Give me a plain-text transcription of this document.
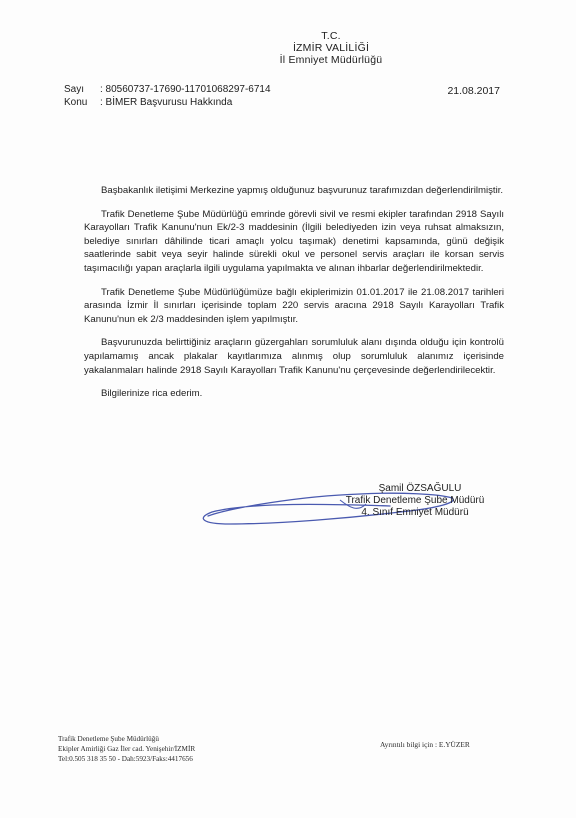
T.C.
İZMİR VALİLİĞİ
İl Emniyet Müdürlüğü
Sayı : 80560737-17690-11701068297-6714
Konu : BİMER Başvurusu Hakkında
21.08.2017

Başbakanlık iletişimi Merkezine yapmış olduğunuz başvurunuz tarafımızdan değerlendirilmiştir.

Trafik Denetleme Şube Müdürlüğü emrinde görevli sivil ve resmi ekipler tarafından 2918 Sayılı Karayolları Trafik Kanunu'nun Ek/2-3 maddesinin (İlgili belediyeden izin veya ruhsat almaksızın, belediye sınırları dâhilinde ticari amaçlı yolcu taşımak) denetimi kapsamında, günü değişik saatlerinde sabit veya seyir halinde sürekli okul ve personel servis araçları ile korsan servis taşımacılığı yapan araçlarla ilgili uygulama yapılmakta ve alınan ihbarlar değerlendirilmektedir.

Trafik Denetleme Şube Müdürlüğümüze bağlı ekiplerimizin 01.01.2017 ile 21.08.2017 tarihleri arasında İzmir İl sınırları içerisinde toplam 220 servis aracına 2918 Sayılı Karayolları Trafik Kanunu'nun ek 2/3 maddesinden işlem yapılmıştır.

Başvurunuzda belirttiğiniz araçların güzergahları sorumluluk alanı dışında olduğu için kontrolü yapılamamış ancak plakalar kayıtlarımıza alınmış olup sorumluluk alanımız içerisinde yakalanmaları halinde 2918 Sayılı Karayolları Trafik Kanunu'nu çerçevesinde değerlendirilecektir.

Bilgilerinize rica ederim.

Şamil ÖZSAĞULU
Trafik Denetleme Şube Müdürü
4. Sınıf Emniyet Müdürü
Trafik Denetleme Şube Müdürlüğü
Ekipler Amirliği Gaz İler cad. Yenişehir/İZMİR
Tel:0.505 318 35 50 - Dah:5923/Faks:4417656
Ayrıntılı bilgi için : E.YÜZER
